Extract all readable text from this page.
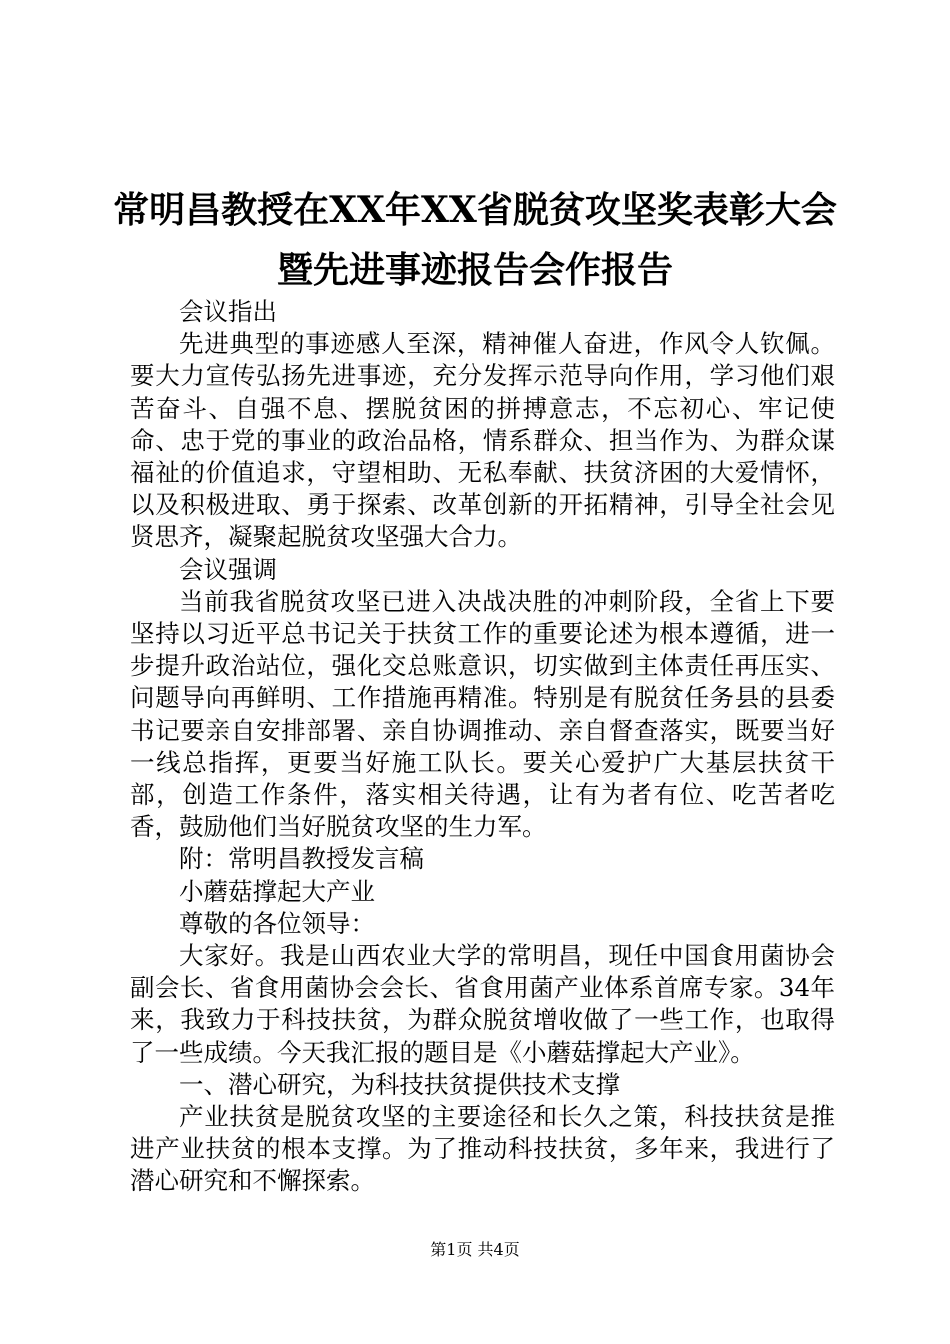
常明昌教授在XX年XX省脱贫攻坚奖表彰大会
暨先进事迹报告会作报告

会议指出

先进典型的事迹感人至深，精神催人奋进，作风令人钦佩。要大力宣传弘扬先进事迹，充分发挥示范导向作用，学习他们艰苦奋斗、自强不息、摆脱贫困的拼搏意志，不忘初心、牢记使命、忠于党的事业的政治品格，情系群众、担当作为、为群众谋福祉的价值追求，守望相助、无私奉献、扶贫济困的大爱情怀，以及积极进取、勇于探索、改革创新的开拓精神，引导全社会见贤思齐，凝聚起脱贫攻坚强大合力。

会议强调

当前我省脱贫攻坚已进入决战决胜的冲刺阶段，全省上下要坚持以习近平总书记关于扶贫工作的重要论述为根本遵循，进一步提升政治站位，强化交总账意识，切实做到主体责任再压实、问题导向再鲜明、工作措施再精准。特别是有脱贫任务县的县委书记要亲自安排部署、亲自协调推动、亲自督查落实，既要当好一线总指挥，更要当好施工队长。要关心爱护广大基层扶贫干部，创造工作条件，落实相关待遇，让有为者有位、吃苦者吃香，鼓励他们当好脱贫攻坚的生力军。

附：常明昌教授发言稿

小蘑菇撑起大产业

尊敬的各位领导：

大家好。我是山西农业大学的常明昌，现任中国食用菌协会副会长、省食用菌协会会长、省食用菌产业体系首席专家。34年来，我致力于科技扶贫，为群众脱贫增收做了一些工作，也取得了一些成绩。今天我汇报的题目是《小蘑菇撑起大产业》。

一、潜心研究，为科技扶贫提供技术支撑

产业扶贫是脱贫攻坚的主要途径和长久之策，科技扶贫是推进产业扶贫的根本支撑。为了推动科技扶贫，多年来，我进行了潜心研究和不懈探索。

第1页 共4页
